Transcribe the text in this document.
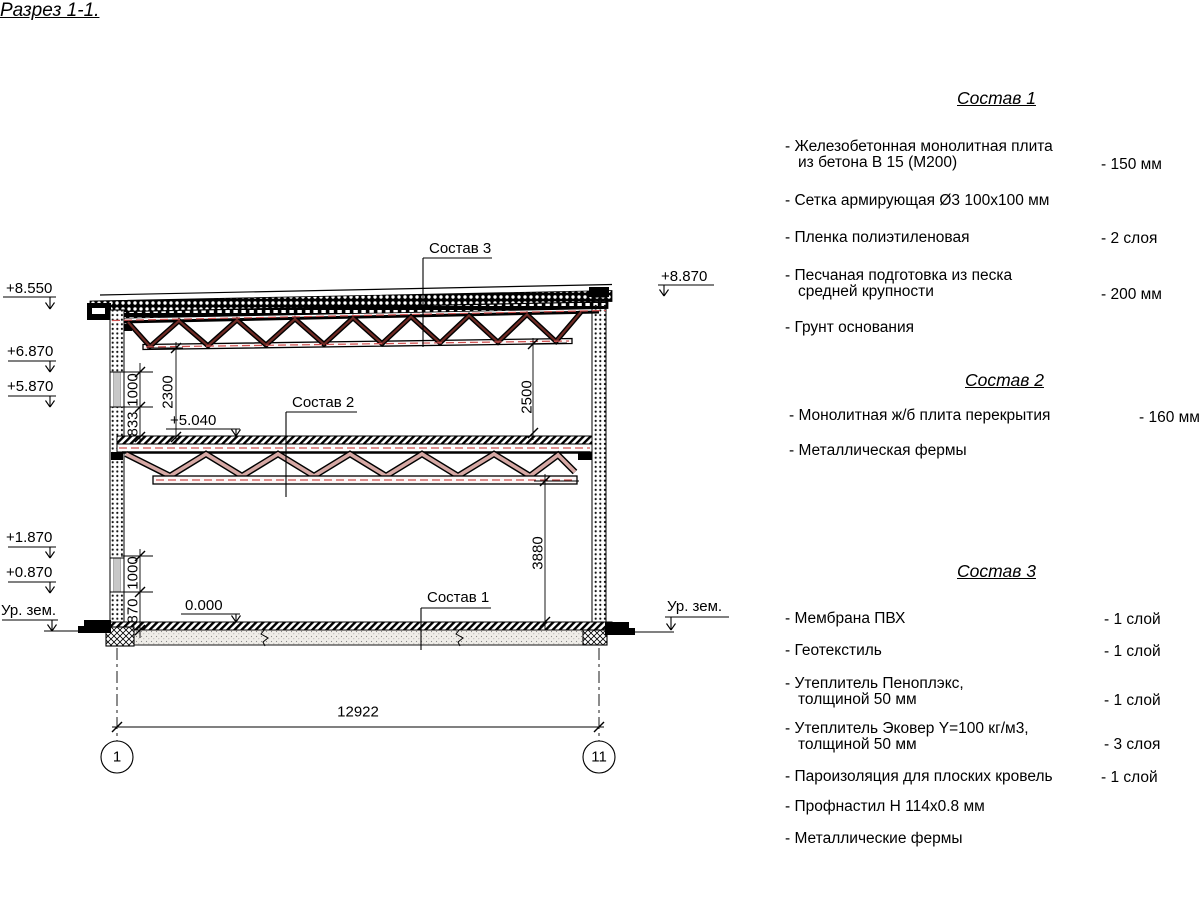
Разрез 1-1.
Состав 3
Состав 2
Состав 1
+8.550
+6.870
+5.870
+1.870
+0.870
Ур. зем.
+8.870
Ур. зем.
+5.040
0.000
1000
833
2300	2500
3880
1000
870
12922
1	11
Состав 1
- Железобетонная монолитная плита
из бетона В 15 (М200)	- 150 мм
- Сетка армирующая Ø3 100х100 мм
- Пленка полиэтиленовая	- 2 слоя
- Песчаная подготовка из песка
средней крупности	- 200 мм
- Грунт основания
Состав 2
- Монолитная ж/б плита перекрытия	- 160 мм
- Металлическая фермы
Состав 3
- Мембрана ПВХ	- 1 слой
- Геотекстиль	- 1 слой
- Утеплитель Пеноплэкс,
толщиной 50 мм	- 1 слой
- Утеплитель Эковер Y=100 кг/м3,
толщиной 50 мм	- 3 слоя
- Пароизоляция для плоских кровель	- 1 слой
- Профнастил Н 114х0.8 мм
- Металлические фермы
